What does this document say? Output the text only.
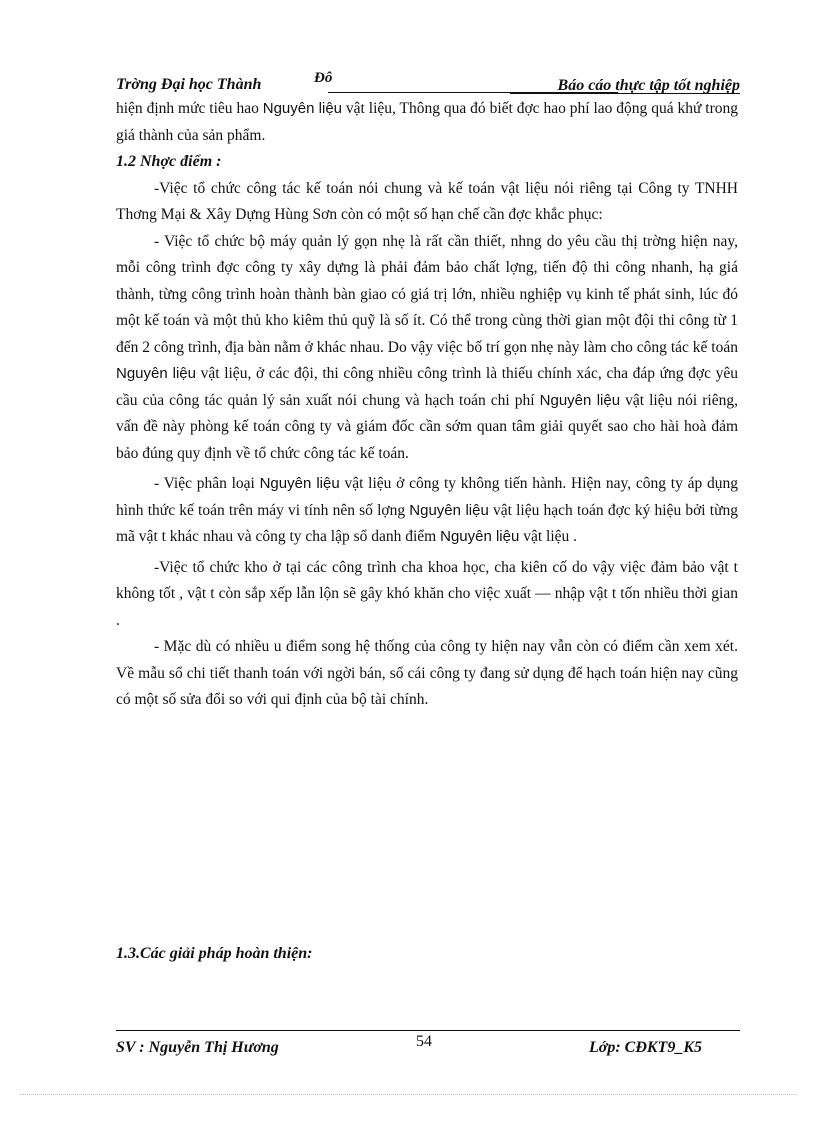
Trờng Đại học Thành	Đô	Báo cáo thực tập tốt nghiệp

hiện định mức tiêu hao Nguyên liệu vật liệu, Thông qua đó biết đợc hao phí lao động quá khứ trong giá thành của sản phẩm.

1.2 Nhợc điểm :

-Việc tổ chức công tác kế toán nói chung và kế toán vật liệu nói riêng tại Công ty TNHH Thơng Mại & Xây Dựng Hùng Sơn còn có một số hạn chế cần đợc khắc phục:

- Việc tổ chức bộ máy quản lý gọn nhẹ là rất cần thiết, nhng do yêu cầu thị trờng hiện nay, mỗi công trình đợc công ty xây dựng là phải đảm bảo chất lợng, tiến độ thi công nhanh, hạ giá thành, từng công trình hoàn thành bàn giao có giá trị lớn, nhiều nghiệp vụ kinh tế phát sinh, lúc đó một kế toán và một thủ kho kiêm thủ quỹ là số ít. Có thể trong cùng thời gian một đội thi công từ 1 đến 2 công trình, địa bàn nằm ở khác nhau. Do vậy việc bố trí gọn nhẹ này làm cho công tác kế toán Nguyên liệu vật liệu, ở các đội, thi công nhiều công trình là thiếu chính xác, cha đáp ứng đợc yêu cầu của công tác quản lý sản xuất nói chung và hạch toán chi phí Nguyên liệu vật liệu nói riêng, vấn đề này phòng kế toán công ty và giám đốc cần sớm quan tâm giải quyết sao cho hài hoà đảm bảo đúng quy định về tổ chức công tác kế toán.

- Việc phân loại Nguyên liệu vật liệu ở công ty không tiến hành. Hiện nay, công ty áp dụng hình thức kế toán trên máy vi tính nên số lợng Nguyên liệu vật liệu hạch toán đợc ký hiệu bởi từng mã vật t khác nhau và công ty cha lập sổ danh điểm Nguyên liệu vật liệu .

-Việc tổ chức kho ở tại các công trình cha khoa học, cha kiên cố do vậy việc đảm bảo vật t không tốt , vật t còn sắp xếp lẫn lộn sẽ gây khó khăn cho việc xuất — nhập vật t tốn nhiều thời gian .

- Mặc dù có nhiều u điểm song hệ thống của công ty hiện nay vẫn còn có điểm cần xem xét. Về mẫu sổ chi tiết thanh toán với ngời bán, sổ cái công ty đang sử dụng để hạch toán hiện nay cũng có một số sửa đổi so với qui định của bộ tài chính.

1.3.Các giải pháp hoàn thiện:
SV : Nguyễn Thị Hương	54	Lớp: CĐKT9_K5
